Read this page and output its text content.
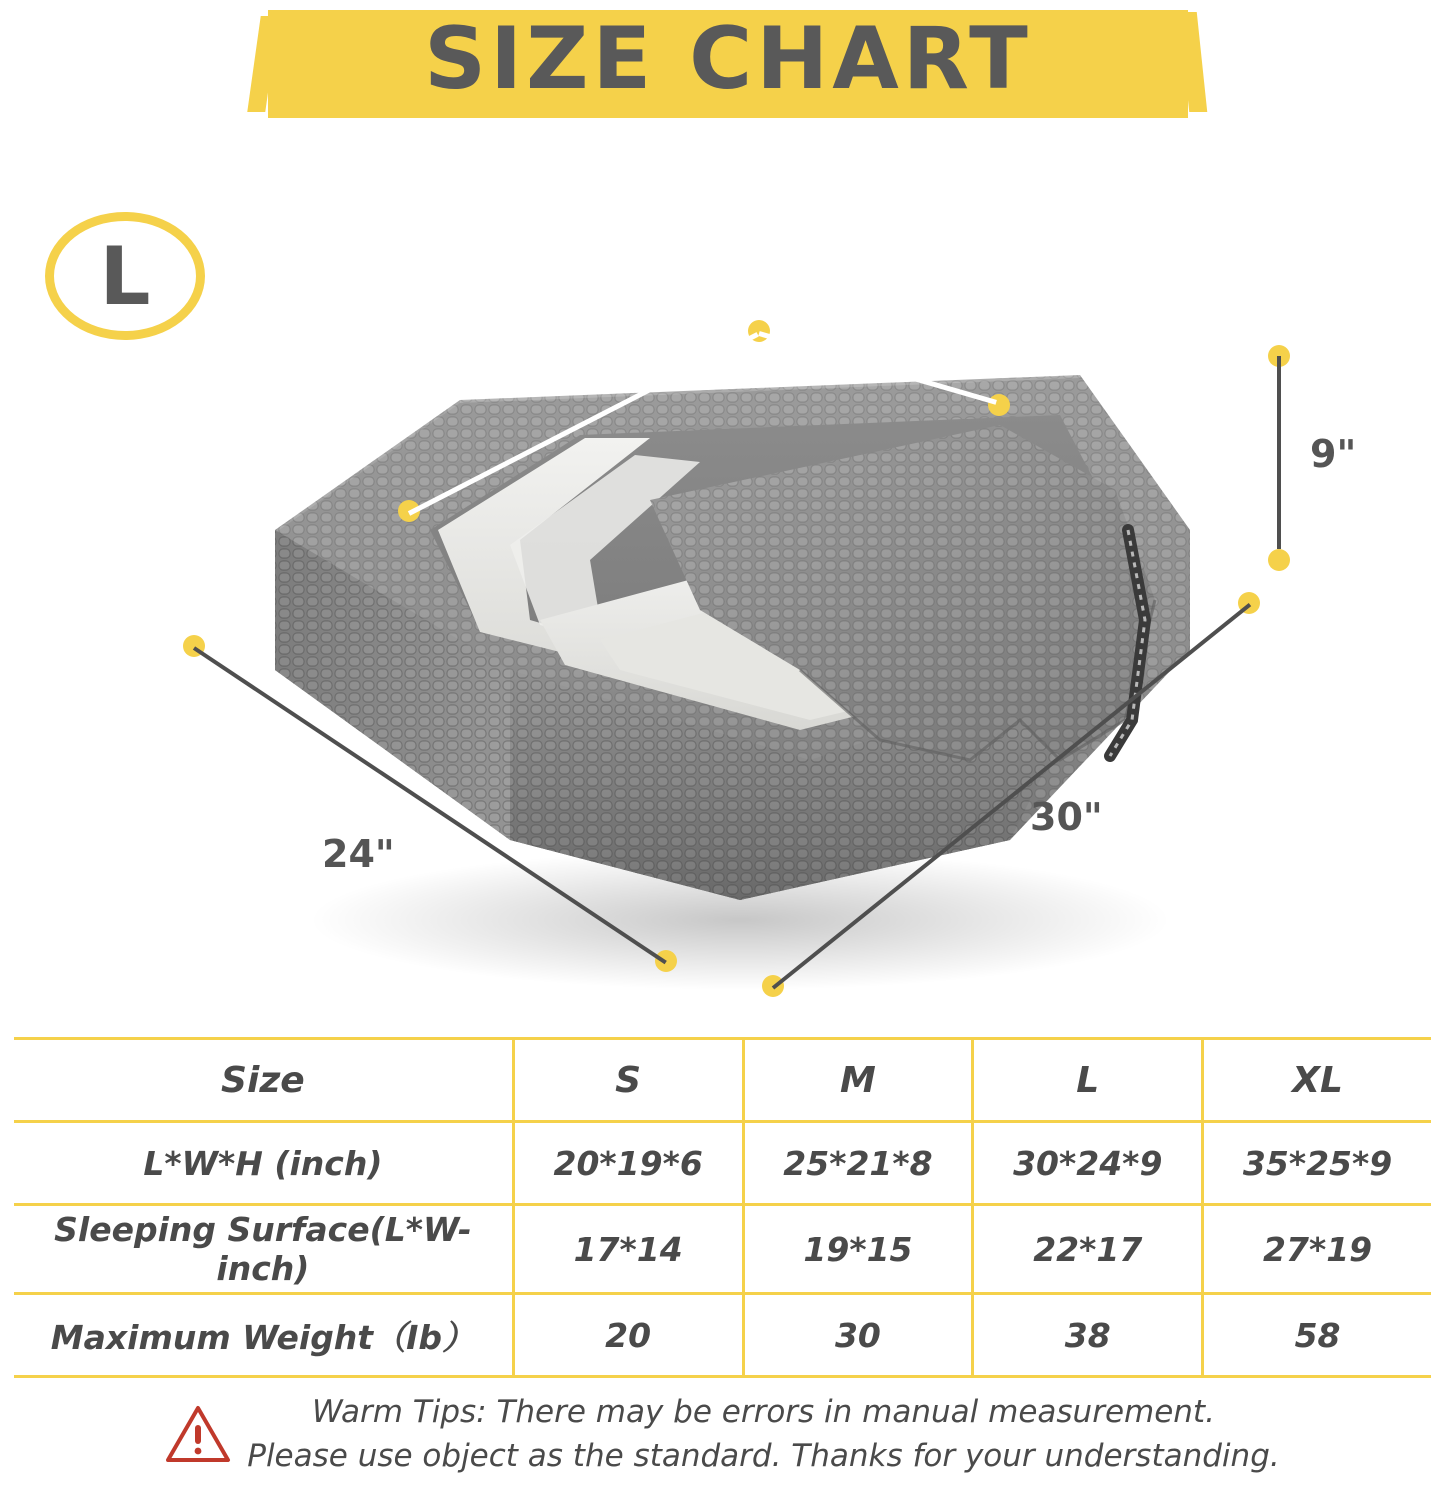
SIZE CHART
L
22"	17"
9"
24"
30"
Size	S	M	L	XL
L*W*H (inch)	20*19*6	25*21*8	30*24*9	35*25*9
Sleeping Surface(L*W-inch)	17*14	19*15	22*17	27*19
Maximum Weight（Ib）	20	30	38	58
Warm Tips: There may be errors in manual measurement.
Please use object as the standard. Thanks for your understanding.
